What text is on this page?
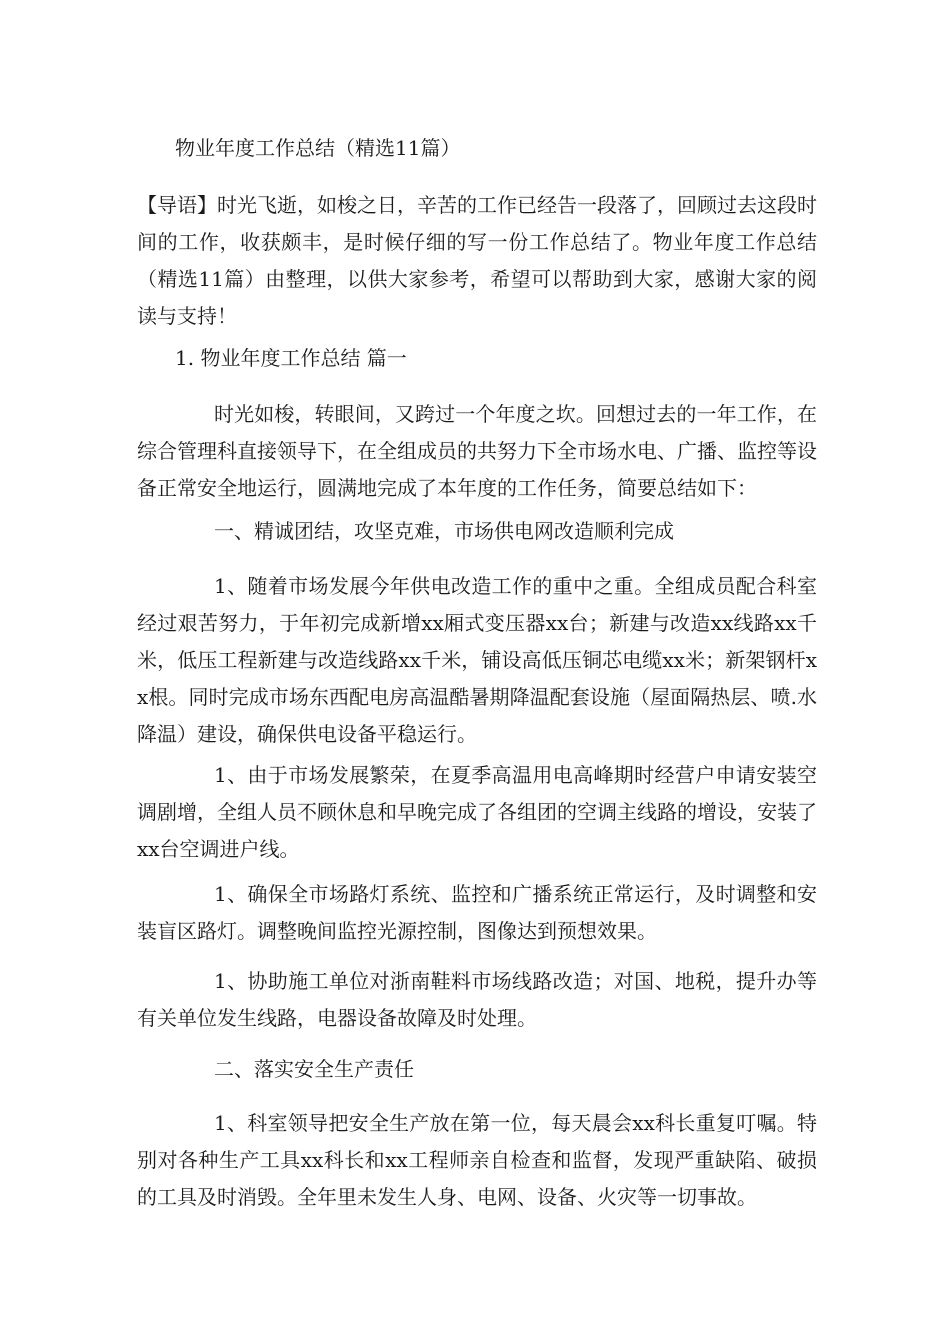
物业年度工作总结（精选11篇）

【导语】时光飞逝，如梭之日，辛苦的工作已经告一段落了，回顾过去这段时间的工作，收获颇丰，是时候仔细的写一份工作总结了。物业年度工作总结（精选11篇）由整理，以供大家参考，希望可以帮助到大家，感谢大家的阅读与支持！

1. 物业年度工作总结 篇一

时光如梭，转眼间，又跨过一个年度之坎。回想过去的一年工作，在综合管理科直接领导下，在全组成员的共努力下全市场水电、广播、监控等设备正常安全地运行，圆满地完成了本年度的工作任务，简要总结如下：

一、精诚团结，攻坚克难，市场供电网改造顺利完成

1、随着市场发展今年供电改造工作的重中之重。全组成员配合科室经过艰苦努力，于年初完成新增xx厢式变压器xx台；新建与改造xx线路xx千米，低压工程新建与改造线路xx千米，铺设高低压铜芯电缆xx米；新架钢杆xx根。同时完成市场东西配电房高温酷暑期降温配套设施（屋面隔热层、喷.水降温）建设，确保供电设备平稳运行。

1、由于市场发展繁荣，在夏季高温用电高峰期时经营户申请安装空调剧增，全组人员不顾休息和早晚完成了各组团的空调主线路的增设，安装了xx台空调进户线。

1、确保全市场路灯系统、监控和广播系统正常运行，及时调整和安装盲区路灯。调整晚间监控光源控制，图像达到预想效果。

1、协助施工单位对浙南鞋料市场线路改造；对国、地税，提升办等有关单位发生线路，电器设备故障及时处理。

二、落实安全生产责任

1、科室领导把安全生产放在第一位，每天晨会xx科长重复叮嘱。特别对各种生产工具xx科长和xx工程师亲自检查和监督，发现严重缺陷、破损的工具及时消毁。全年里未发生人身、电网、设备、火灾等一切事故。
